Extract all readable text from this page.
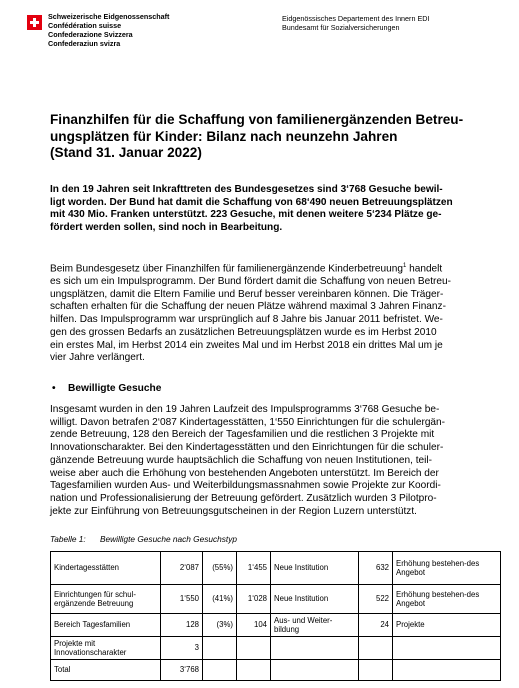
Schweizerische Eidgenossenschaft
Confédération suisse
Confederazione Svizzera
Confederaziun svizra
Eidgenössisches Departement des Innern EDI
Bundesamt für Sozialversicherungen
Finanzhilfen für die Schaffung von familienergänzenden Betreu-
ungsplätzen für Kinder: Bilanz nach neunzehn Jahren
(Stand 31. Januar 2022)
In den 19 Jahren seit Inkrafttreten des Bundesgesetzes sind 3‘768 Gesuche bewil-
ligt worden. Der Bund hat damit die Schaffung von 68‘490 neuen Betreuungsplätzen
mit 430 Mio. Franken unterstützt. 223 Gesuche, mit denen weitere 5‘234 Plätze ge-
fördert werden sollen, sind noch in Bearbeitung.
Beim Bundesgesetz über Finanzhilfen für familienergänzende Kinderbetreuung$^1$ handelt
es sich um ein Impulsprogramm. Der Bund fördert damit die Schaffung von neuen Betreu-
ungsplätzen, damit die Eltern Familie und Beruf besser vereinbaren können. Die Träger-
schaften erhalten für die Schaffung der neuen Plätze während maximal 3 Jahren Finanz-
hilfen. Das Impulsprogramm war ursprünglich auf 8 Jahre bis Januar 2011 befristet. We-
gen des grossen Bedarfs an zusätzlichen Betreuungsplätzen wurde es im Herbst 2010
ein erstes Mal, im Herbst 2014 ein zweites Mal und im Herbst 2018 ein drittes Mal um je
vier Jahre verlängert.
• Bewilligte Gesuche
Insgesamt wurden in den 19 Jahren Laufzeit des Impulsprogramms 3‘768 Gesuche be-
willigt. Davon betrafen 2‘087 Kindertagesstätten, 1‘550 Einrichtungen für die schulergän-
zende Betreuung, 128 den Bereich der Tagesfamilien und die restlichen 3 Projekte mit
Innovationscharakter. Bei den Kindertagesstätten und den Einrichtungen für die schuler-
gänzende Betreuung wurde hauptsächlich die Schaffung von neuen Institutionen, teil-
weise aber auch die Erhöhung von bestehenden Angeboten unterstützt. Im Bereich der
Tagesfamilien wurden Aus- und Weiterbildungsmassnahmen sowie Projekte zur Koordi-
nation und Professionalisierung der Betreuung gefördert. Zusätzlich wurden 3 Pilotpro-
jekte zur Einführung von Betreuungsgutscheinen in der Region Luzern unterstützt.
Tabelle 1: Bewilligte Gesuche nach Gesuchstyp
Kindertagesstätten	2‘087	(55%)	1‘455	Neue Institution	632	Erhöhung bestehen-des Angebot
Einrichtungen für schul-ergänzende Betreuung	1‘550	(41%)	1‘028	Neue Institution	522	Erhöhung bestehen-des Angebot
Bereich Tagesfamilien	128	(3%)	104	Aus- und Weiter-bildung	24	Projekte
Projekte mit Innovationscharakter	3					
Total	3‘768					
